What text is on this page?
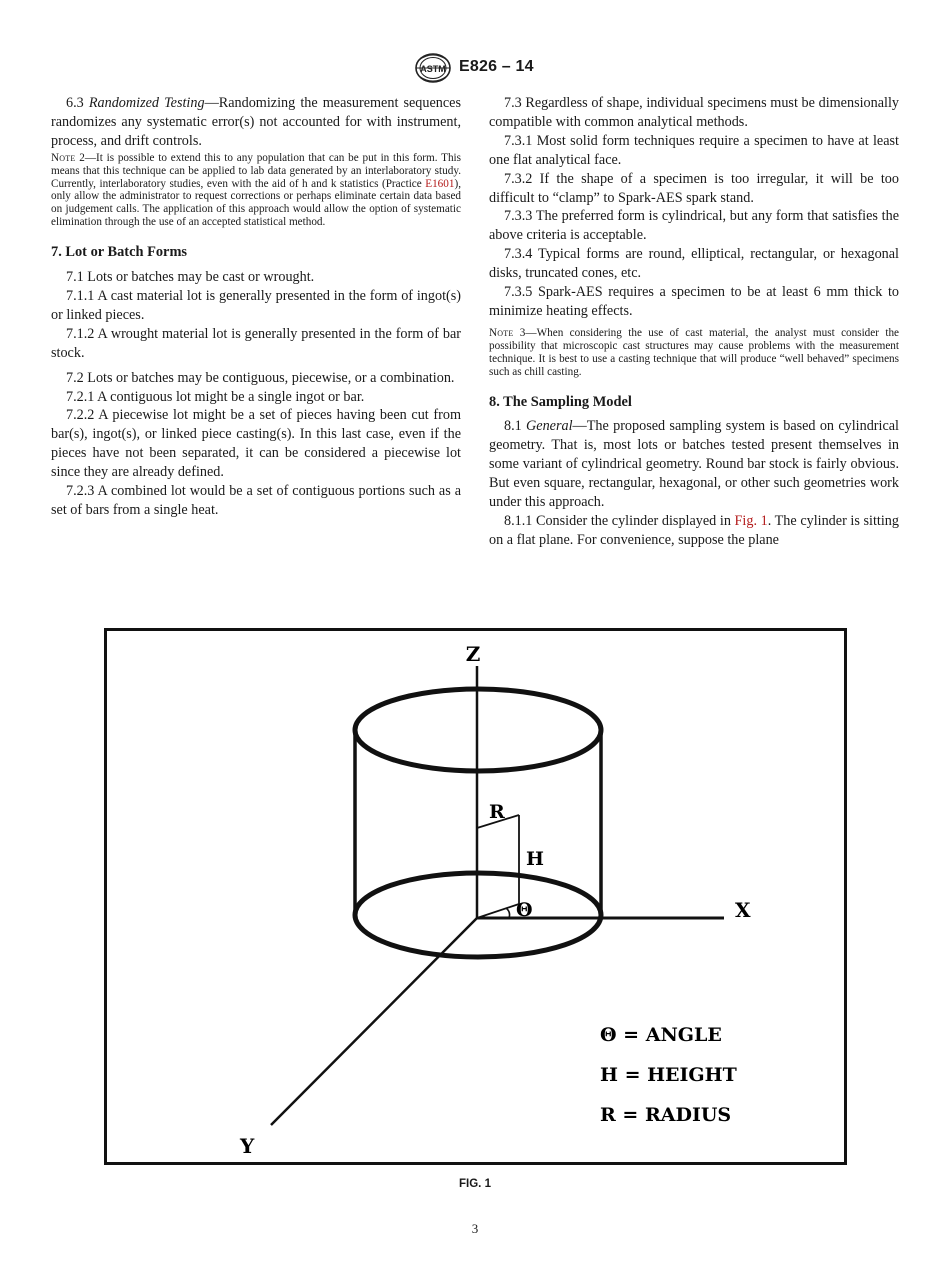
ASTM E826 – 14

6.3 Randomized Testing—Randomizing the measurement sequences randomizes any systematic error(s) not accounted for with instrument, process, and drift controls.

Note 2—It is possible to extend this to any population that can be put in this form. This means that this technique can be applied to lab data generated by an interlaboratory study. Currently, interlaboratory studies, even with the aid of h and k statistics (Practice E1601), only allow the administrator to request corrections or perhaps eliminate certain data based on judgement calls. The application of this approach would allow the option of systematic elimination through the use of an accepted statistical method.

7. Lot or Batch Forms

7.1 Lots or batches may be cast or wrought.

7.1.1 A cast material lot is generally presented in the form of ingot(s) or linked pieces.

7.1.2 A wrought material lot is generally presented in the form of bar stock.

7.2 Lots or batches may be contiguous, piecewise, or a combination.

7.2.1 A contiguous lot might be a single ingot or bar.

7.2.2 A piecewise lot might be a set of pieces having been cut from bar(s), ingot(s), or linked piece casting(s). In this last case, even if the pieces have not been separated, it can be considered a piecewise lot since they are already defined.

7.2.3 A combined lot would be a set of contiguous portions such as a set of bars from a single heat.

7.3 Regardless of shape, individual specimens must be dimensionally compatible with common analytical methods.

7.3.1 Most solid form techniques require a specimen to have at least one flat analytical face.

7.3.2 If the shape of a specimen is too irregular, it will be too difficult to “clamp” to Spark-AES spark stand.

7.3.3 The preferred form is cylindrical, but any form that satisfies the above criteria is acceptable.

7.3.4 Typical forms are round, elliptical, rectangular, or hexagonal disks, truncated cones, etc.

7.3.5 Spark-AES requires a specimen to be at least 6 mm thick to minimize heating effects.

Note 3—When considering the use of cast material, the analyst must consider the possibility that microscopic cast structures may cause problems with the measurement technique. It is best to use a casting technique that will produce “well behaved” specimens such as chill casting.

8. The Sampling Model

8.1 General—The proposed sampling system is based on cylindrical geometry. That is, most lots or batches tested present themselves in some variant of cylindrical geometry. Round bar stock is fairly obvious. But even square, rectangular, hexagonal, or other such geometries work under this approach.

8.1.1 Consider the cylinder displayed in Fig. 1. The cylinder is sitting on a flat plane. For convenience, suppose the plane

Z
X
Y
R
H
Θ
Θ = ANGLE
H = HEIGHT
R = RADIUS
FIG. 1
3
